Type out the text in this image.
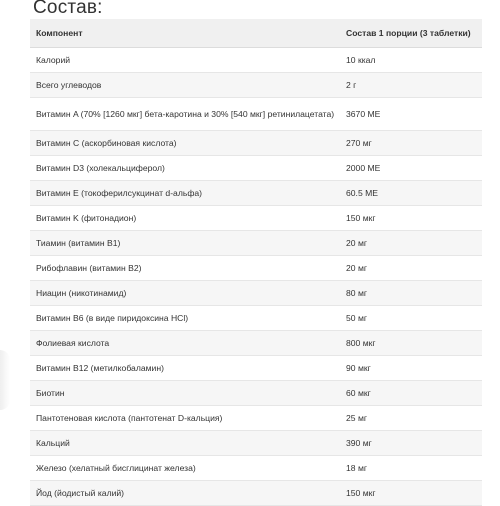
Состав:
Компонент	Состав 1 порции (3 таблетки)
Калорий	10 ккал
Всего углеводов	2 г
Витамин A (70% [1260 мкг] бета-каротина и 30% [540 мкг] ретинилацетата)	3670 МЕ
Витамин C (аскорбиновая кислота)	270 мг
Витамин D3 (холекальциферол)	2000 МЕ
Витамин E (токоферилсукцинат d-альфа)	60.5 МЕ
Витамин K (фитонадион)	150 мкг
Тиамин (витамин B1)	20 мг
Рибофлавин (витамин B2)	20 мг
Ниацин (никотинамид)	80 мг
Витамин B6 (в виде пиридоксина HCl)	50 мг
Фолиевая кислота	800 мкг
Витамин B12 (метилкобаламин)	90 мкг
Биотин	60 мкг
Пантотеновая кислота (пантотенат D-кальция)	25 мг
Кальций	390 мг
Железо (хелатный бисглицинат железа)	18 мг
Йод (йодистый калий)	150 мкг
